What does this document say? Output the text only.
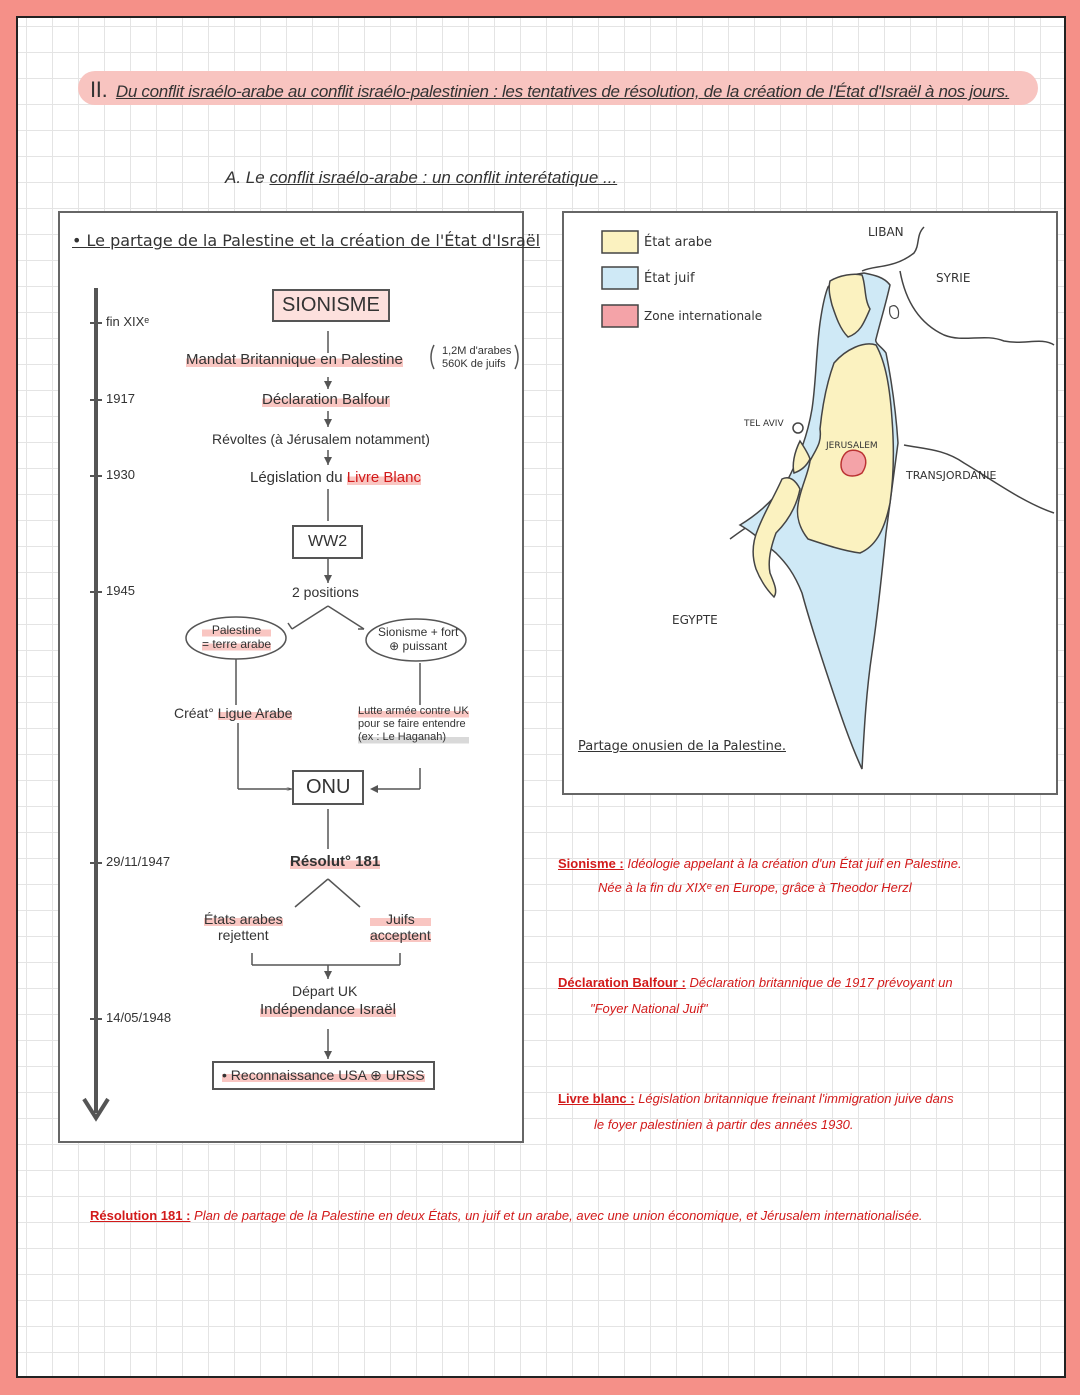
II. Du conflit israélo-arabe au conflit israélo-palestinien : les tentatives de résolution, de la création de l'État d'Israël à nos jours.
A. Le conflit israélo-arabe : un conflit interétatique ...
• Le partage de la Palestine et la création de l'État d'Israël
fin XIXᵉ
1917
1930
1945
29/11/1947
14/05/1948
SIONISME
Mandat Britannique en Palestine	1,2M d'arabes
560K de juifs
Déclaration Balfour
Révoltes (à Jérusalem notamment)
Législation du Livre Blanc
WW2
2 positions
Palestine
= terre arabe
Sionisme + fort
⊕ puissant
Créat° Ligue Arabe	Lutte armée contre UK
pour se faire entendre
(ex : Le Haganah)
ONU
Résolut° 181
États arabes
rejettent
Juifs
acceptent
Départ UK
Indépendance Israël
• Reconnaissance USA ⊕ URSS
État arabe
État juif
Zone internationale
LIBAN
SYRIE
TEL AVIV
JERUSALEM
TRANSJORDANIE
EGYPTE
Partage onusien de la Palestine.
Sionisme : Idéologie appelant à la création d'un État juif en Palestine.
Née à la fin du XIXᵉ en Europe, grâce à Theodor Herzl
Déclaration Balfour : Déclaration britannique de 1917 prévoyant un
"Foyer National Juif"
Livre blanc : Législation britannique freinant l'immigration juive dans
le foyer palestinien à partir des années 1930.
Résolution 181 : Plan de partage de la Palestine en deux États, un juif et un arabe, avec une union économique, et Jérusalem internationalisée.
